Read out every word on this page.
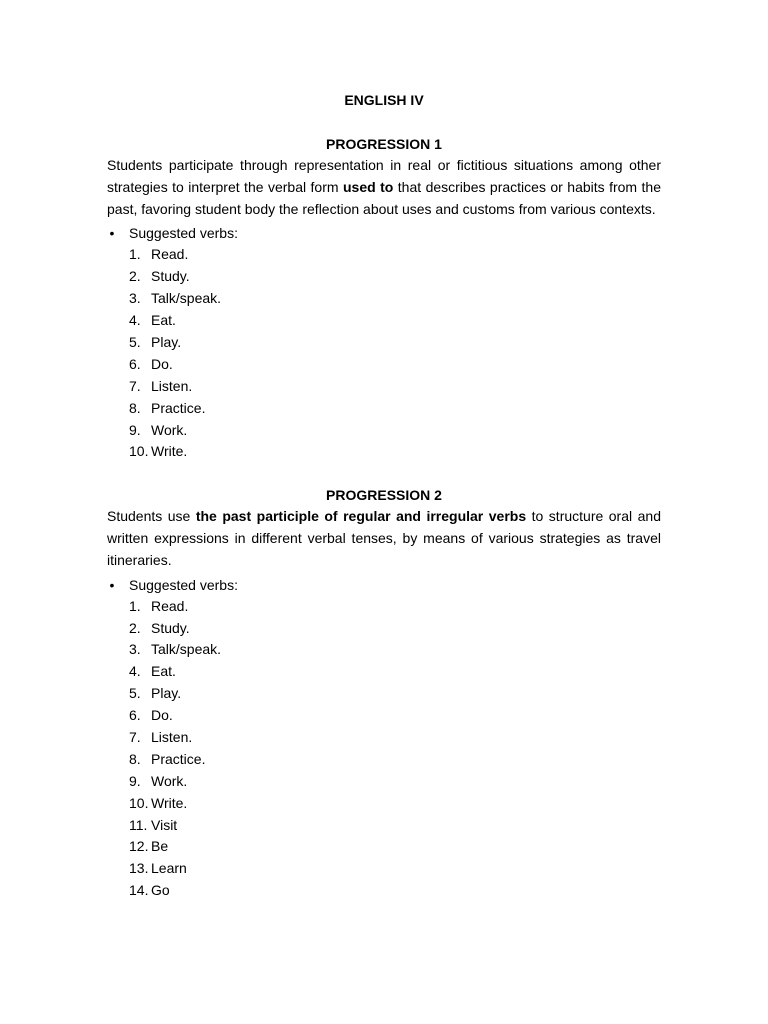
ENGLISH IV
PROGRESSION 1

Students participate through representation in real or fictitious situations among other strategies to interpret the verbal form used to that describes practices or habits from the past, favoring student body the reflection about uses and customs from various contexts.

• Suggested verbs:
1. Read.
2. Study.
3. Talk/speak.
4. Eat.
5. Play.
6. Do.
7. Listen.
8. Practice.
9. Work.
10. Write.
PROGRESSION 2

Students use the past participle of regular and irregular verbs to structure oral and written expressions in different verbal tenses, by means of various strategies as travel itineraries.

• Suggested verbs:
1. Read.
2. Study.
3. Talk/speak.
4. Eat.
5. Play.
6. Do.
7. Listen.
8. Practice.
9. Work.
10. Write.
11. Visit
12. Be
13. Learn
14. Go
